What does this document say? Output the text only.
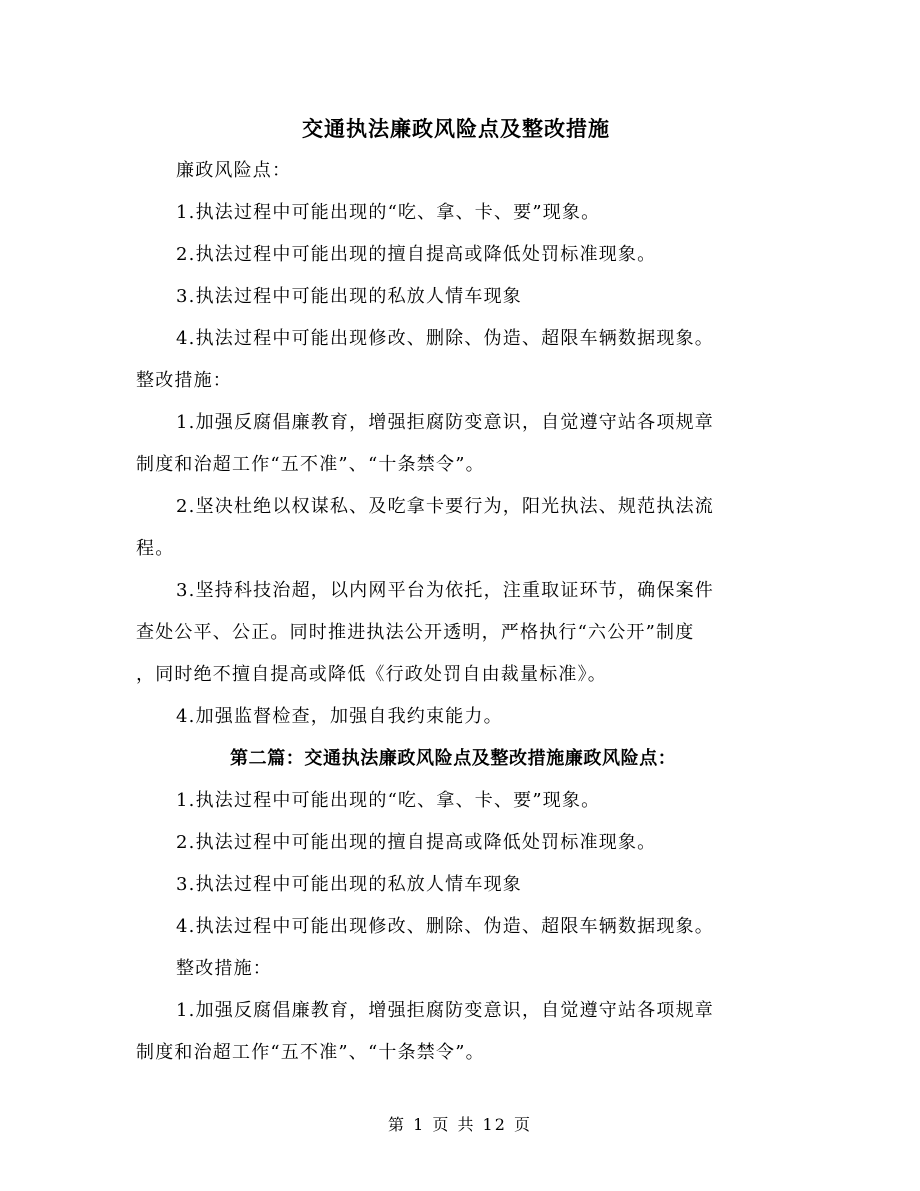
交通执法廉政风险点及整改措施
廉政风险点：
1.执法过程中可能出现的“吃、拿、卡、要”现象。
2.执法过程中可能出现的擅自提高或降低处罚标准现象。
3.执法过程中可能出现的私放人情车现象
4.执法过程中可能出现修改、删除、伪造、超限车辆数据现象。
整改措施：
1.加强反腐倡廉教育，增强拒腐防变意识，自觉遵守站各项规章
制度和治超工作“五不准”、“十条禁令”。
2.坚决杜绝以权谋私、及吃拿卡要行为，阳光执法、规范执法流
程。
3.坚持科技治超，以内网平台为依托，注重取证环节，确保案件
查处公平、公正。同时推进执法公开透明，严格执行“六公开”制度
，同时绝不擅自提高或降低《行政处罚自由裁量标准》。
4.加强监督检查，加强自我约束能力。
第二篇：交通执法廉政风险点及整改措施廉政风险点：
1.执法过程中可能出现的“吃、拿、卡、要”现象。
2.执法过程中可能出现的擅自提高或降低处罚标准现象。
3.执法过程中可能出现的私放人情车现象
4.执法过程中可能出现修改、删除、伪造、超限车辆数据现象。
整改措施：
1.加强反腐倡廉教育，增强拒腐防变意识，自觉遵守站各项规章
制度和治超工作“五不准”、“十条禁令”。
第 1 页 共 12 页
